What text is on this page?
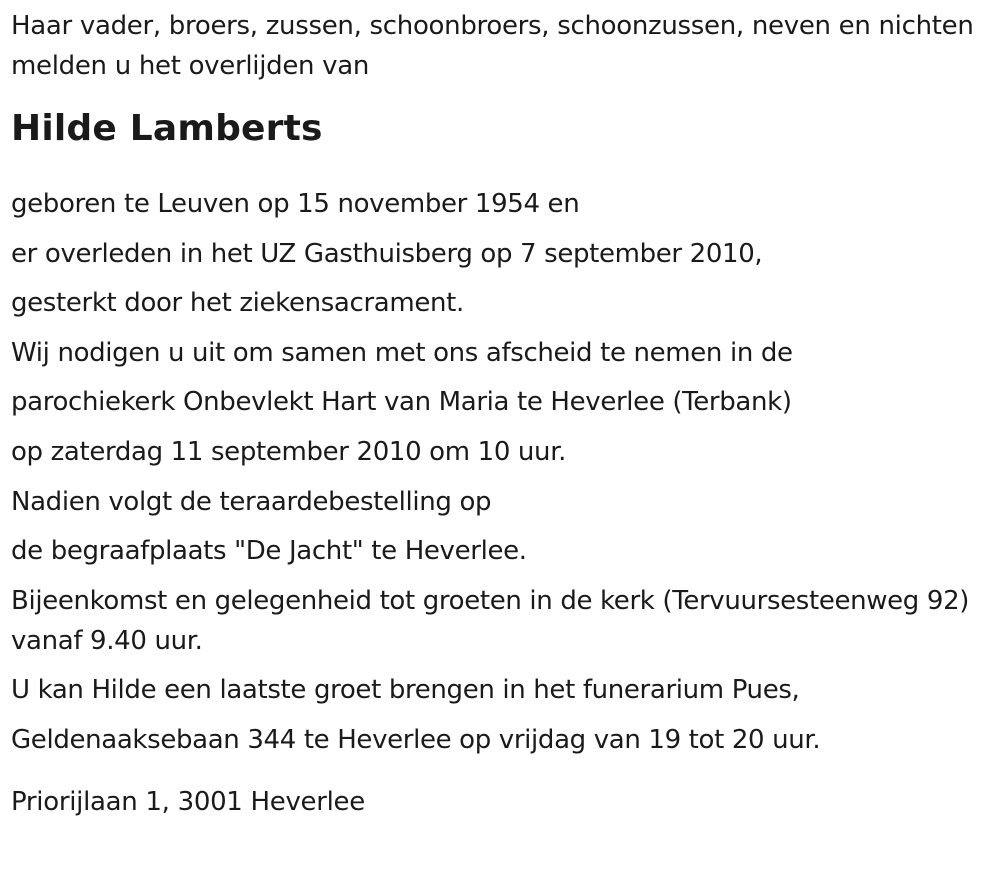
Haar vader, broers, zussen, schoonbroers, schoonzussen, neven en nichten melden u het overlijden van

Hilde Lamberts
geboren te Leuven op 15 november 1954 en
er overleden in het UZ Gasthuisberg op 7 september 2010,
gesterkt door het ziekensacrament.
Wij nodigen u uit om samen met ons afscheid te nemen in de
parochiekerk Onbevlekt Hart van Maria te Heverlee (Terbank)
op zaterdag 11 september 2010 om 10 uur.
Nadien volgt de teraardebestelling op
de begraafplaats "De Jacht" te Heverlee.
Bijeenkomst en gelegenheid tot groeten in de kerk (Tervuursesteenweg 92) vanaf 9.40 uur.
U kan Hilde een laatste groet brengen in het funerarium Pues,
Geldenaaksebaan 344 te Heverlee op vrijdag van 19 tot 20 uur.
Priorijlaan 1, 3001 Heverlee
